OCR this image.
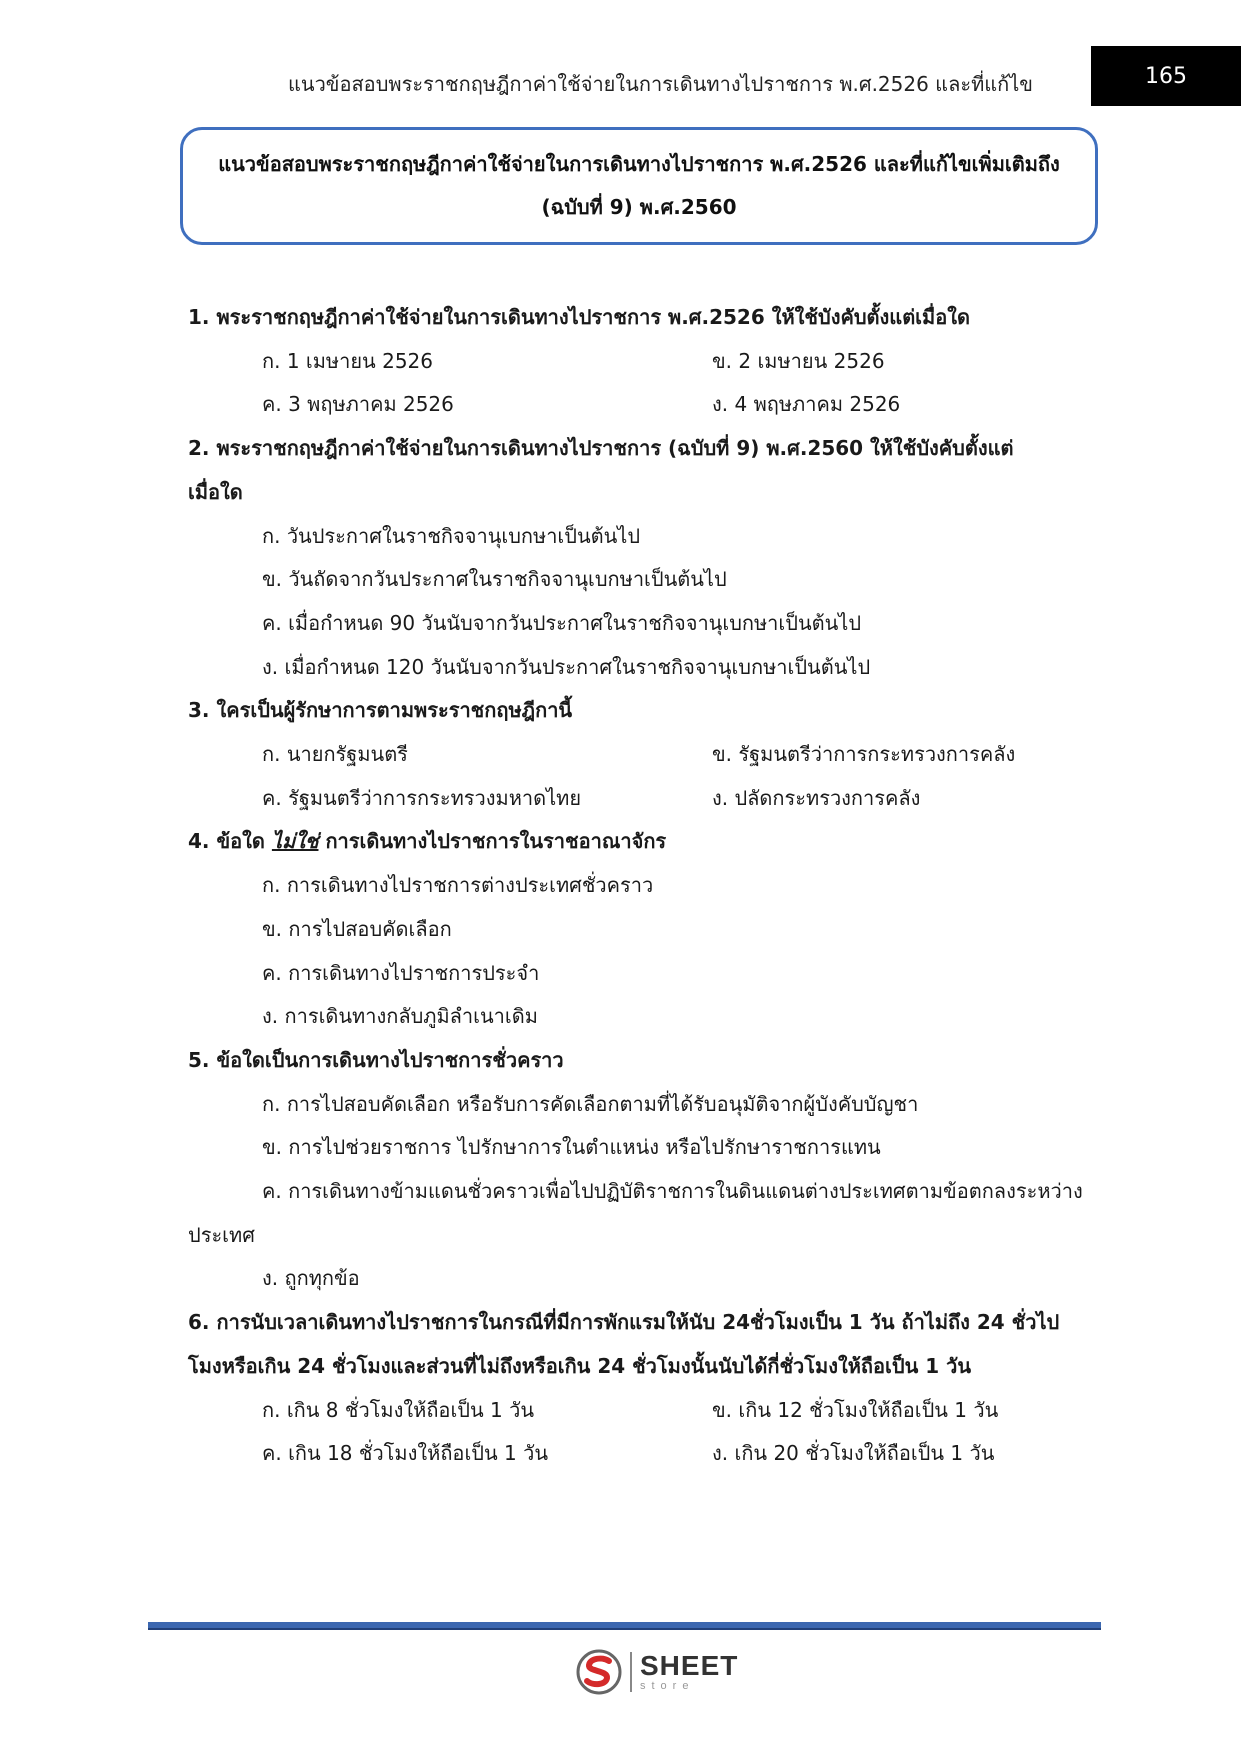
แนวข้อสอบพระราชกฤษฎีกาค่าใช้จ่ายในการเดินทางไปราชการ พ.ศ.2526 และที่แก้ไข	165
แนวข้อสอบพระราชกฤษฎีกาค่าใช้จ่ายในการเดินทางไปราชการ พ.ศ.2526 และที่แก้ไขเพิ่มเติมถึง
(ฉบับที่ 9) พ.ศ.2560
1. พระราชกฤษฎีกาค่าใช้จ่ายในการเดินทางไปราชการ พ.ศ.2526 ให้ใช้บังคับตั้งแต่เมื่อใด
ก. 1 เมษายน 2526	ข. 2 เมษายน 2526
ค. 3 พฤษภาคม 2526	ง. 4 พฤษภาคม 2526
2. พระราชกฤษฎีกาค่าใช้จ่ายในการเดินทางไปราชการ (ฉบับที่ 9) พ.ศ.2560 ให้ใช้บังคับตั้งแต่
เมื่อใด
ก. วันประกาศในราชกิจจานุเบกษาเป็นต้นไป
ข. วันถัดจากวันประกาศในราชกิจจานุเบกษาเป็นต้นไป
ค. เมื่อกำหนด 90 วันนับจากวันประกาศในราชกิจจานุเบกษาเป็นต้นไป
ง. เมื่อกำหนด 120 วันนับจากวันประกาศในราชกิจจานุเบกษาเป็นต้นไป
3. ใครเป็นผู้รักษาการตามพระราชกฤษฎีกานี้
ก. นายกรัฐมนตรี	ข. รัฐมนตรีว่าการกระทรวงการคลัง
ค. รัฐมนตรีว่าการกระทรวงมหาดไทย	ง. ปลัดกระทรวงการคลัง
4. ข้อใด ไม่ใช่ การเดินทางไปราชการในราชอาณาจักร
ก. การเดินทางไปราชการต่างประเทศชั่วคราว
ข. การไปสอบคัดเลือก
ค. การเดินทางไปราชการประจำ
ง. การเดินทางกลับภูมิลำเนาเดิม
5. ข้อใดเป็นการเดินทางไปราชการชั่วคราว
ก. การไปสอบคัดเลือก หรือรับการคัดเลือกตามที่ได้รับอนุมัติจากผู้บังคับบัญชา
ข. การไปช่วยราชการ ไปรักษาการในตำแหน่ง หรือไปรักษาราชการแทน
ค. การเดินทางข้ามแดนชั่วคราวเพื่อไปปฏิบัติราชการในดินแดนต่างประเทศตามข้อตกลงระหว่าง
ประเทศ
ง. ถูกทุกข้อ
6. การนับเวลาเดินทางไปราชการในกรณีที่มีการพักแรมให้นับ 24ชั่วโมงเป็น 1 วัน ถ้าไม่ถึง 24 ชั่วไป
โมงหรือเกิน 24 ชั่วโมงและส่วนที่ไม่ถึงหรือเกิน 24 ชั่วโมงนั้นนับได้กี่ชั่วโมงให้ถือเป็น 1 วัน
ก. เกิน 8 ชั่วโมงให้ถือเป็น 1 วัน	ข. เกิน 12 ชั่วโมงให้ถือเป็น 1 วัน
ค. เกิน 18 ชั่วโมงให้ถือเป็น 1 วัน	ง. เกิน 20 ชั่วโมงให้ถือเป็น 1 วัน
SHEET
store
